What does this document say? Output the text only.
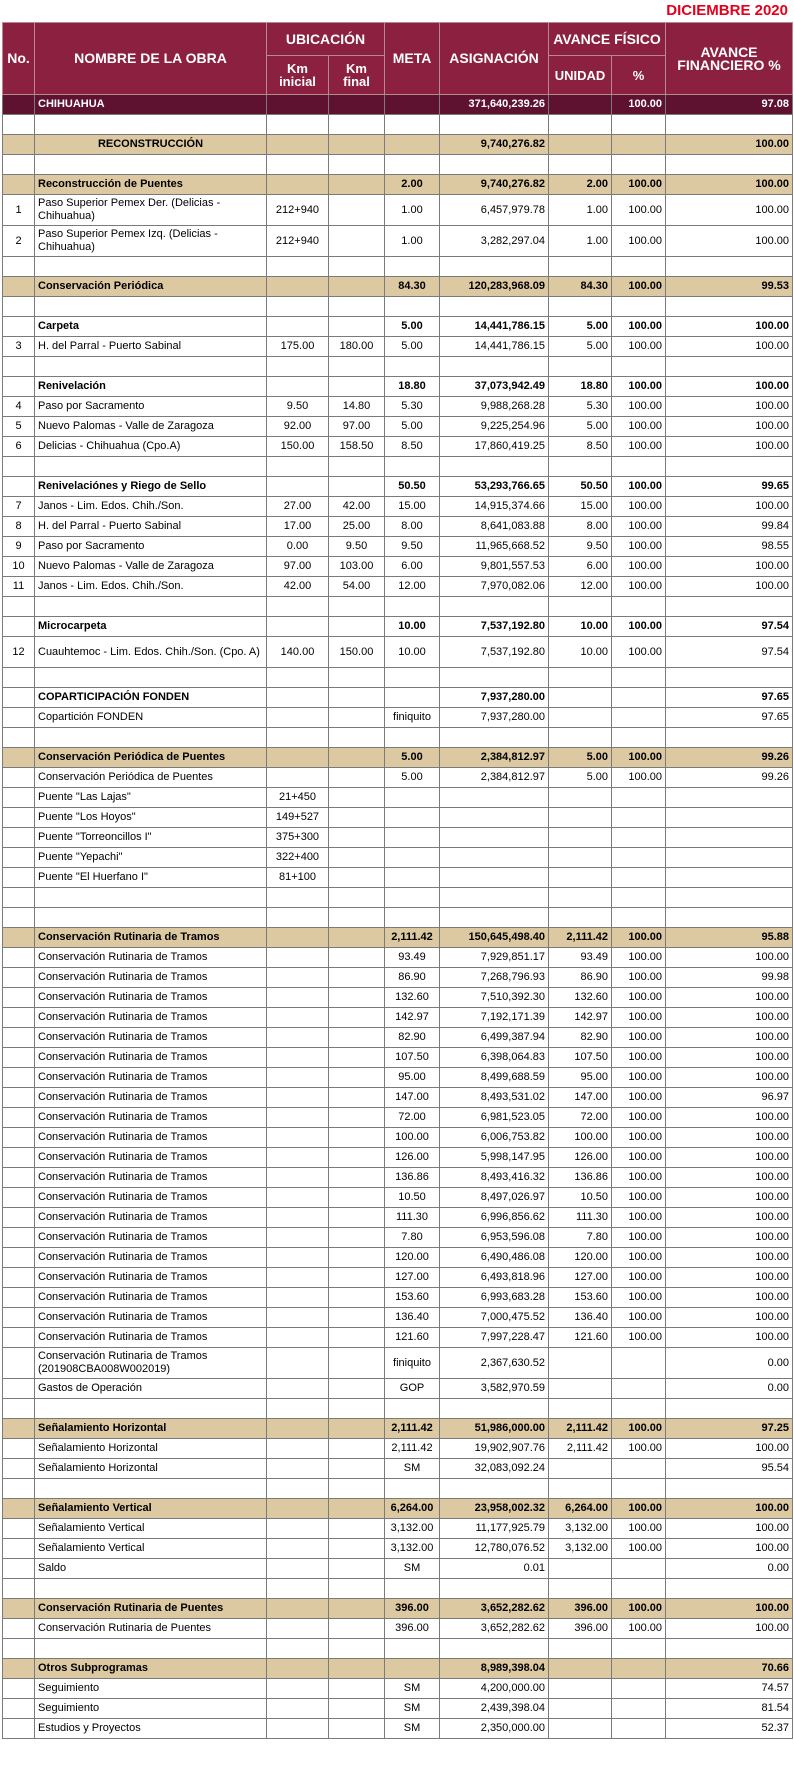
DICIEMBRE 2020
No.	NOMBRE DE LA OBRA	UBICACIÓN		META	ASIGNACIÓN	AVANCE FÍSICO		AVANCE FINANCIERO %
		Km inicial	Km final			UNIDAD	%	
	CHIHUAHUA				371,640,239.26		100.00	97.08

	RECONSTRUCCIÓN				9,740,276.82			100.00

	Reconstrucción de Puentes			2.00	9,740,276.82	2.00	100.00	100.00
1	Paso Superior Pemex Der. (Delicias - Chihuahua)	212+940		1.00	6,457,979.78	1.00	100.00	100.00
2	Paso Superior Pemex Izq. (Delicias - Chihuahua)	212+940		1.00	3,282,297.04	1.00	100.00	100.00

	Conservación Periódica			84.30	120,283,968.09	84.30	100.00	99.53

	Carpeta			5.00	14,441,786.15	5.00	100.00	100.00
3	H. del Parral - Puerto Sabinal	175.00	180.00	5.00	14,441,786.15	5.00	100.00	100.00

	Renivelación			18.80	37,073,942.49	18.80	100.00	100.00
4	Paso por Sacramento	9.50	14.80	5.30	9,988,268.28	5.30	100.00	100.00
5	Nuevo Palomas - Valle de Zaragoza	92.00	97.00	5.00	9,225,254.96	5.00	100.00	100.00
6	Delicias - Chihuahua (Cpo.A)	150.00	158.50	8.50	17,860,419.25	8.50	100.00	100.00

	Renivelaciónes y Riego de Sello			50.50	53,293,766.65	50.50	100.00	99.65
7	Janos - Lim. Edos. Chih./Son.	27.00	42.00	15.00	14,915,374.66	15.00	100.00	100.00
8	H. del Parral - Puerto Sabinal	17.00	25.00	8.00	8,641,083.88	8.00	100.00	99.84
9	Paso por Sacramento	0.00	9.50	9.50	11,965,668.52	9.50	100.00	98.55
10	Nuevo Palomas - Valle de Zaragoza	97.00	103.00	6.00	9,801,557.53	6.00	100.00	100.00
11	Janos - Lim. Edos. Chih./Son.	42.00	54.00	12.00	7,970,082.06	12.00	100.00	100.00

	Microcarpeta			10.00	7,537,192.80	10.00	100.00	97.54
12	Cuauhtemoc - Lim. Edos. Chih./Son. (Cpo. A)	140.00	150.00	10.00	7,537,192.80	10.00	100.00	97.54

	COPARTICIPACIÓN FONDEN				7,937,280.00			97.65
	Copartición FONDEN			finiquito	7,937,280.00			97.65

	Conservación Periódica de Puentes			5.00	2,384,812.97	5.00	100.00	99.26
	Conservación Periódica de Puentes			5.00	2,384,812.97	5.00	100.00	99.26
	Puente "Las Lajas"	21+450						
	Puente "Los Hoyos"	149+527						
	Puente "Torreoncillos I"	375+300						
	Puente "Yepachi"	322+400						
	Puente "El Huerfano I"	81+100						

	Conservación Rutinaria de Tramos			2,111.42	150,645,498.40	2,111.42	100.00	95.88
	Conservación Rutinaria de Tramos			93.49	7,929,851.17	93.49	100.00	100.00
	Conservación Rutinaria de Tramos			86.90	7,268,796.93	86.90	100.00	99.98
	Conservación Rutinaria de Tramos			132.60	7,510,392.30	132.60	100.00	100.00
	Conservación Rutinaria de Tramos			142.97	7,192,171.39	142.97	100.00	100.00
	Conservación Rutinaria de Tramos			82.90	6,499,387.94	82.90	100.00	100.00
	Conservación Rutinaria de Tramos			107.50	6,398,064.83	107.50	100.00	100.00
	Conservación Rutinaria de Tramos			95.00	8,499,688.59	95.00	100.00	100.00
	Conservación Rutinaria de Tramos			147.00	8,493,531.02	147.00	100.00	96.97
	Conservación Rutinaria de Tramos			72.00	6,981,523.05	72.00	100.00	100.00
	Conservación Rutinaria de Tramos			100.00	6,006,753.82	100.00	100.00	100.00
	Conservación Rutinaria de Tramos			126.00	5,998,147.95	126.00	100.00	100.00
	Conservación Rutinaria de Tramos			136.86	8,493,416.32	136.86	100.00	100.00
	Conservación Rutinaria de Tramos			10.50	8,497,026.97	10.50	100.00	100.00
	Conservación Rutinaria de Tramos			111.30	6,996,856.62	111.30	100.00	100.00
	Conservación Rutinaria de Tramos			7.80	6,953,596.08	7.80	100.00	100.00
	Conservación Rutinaria de Tramos			120.00	6,490,486.08	120.00	100.00	100.00
	Conservación Rutinaria de Tramos			127.00	6,493,818.96	127.00	100.00	100.00
	Conservación Rutinaria de Tramos			153.60	6,993,683.28	153.60	100.00	100.00
	Conservación Rutinaria de Tramos			136.40	7,000,475.52	136.40	100.00	100.00
	Conservación Rutinaria de Tramos			121.60	7,997,228.47	121.60	100.00	100.00
	Conservación Rutinaria de Tramos (201908CBA008W002019)			finiquito	2,367,630.52			0.00
	Gastos de Operación			GOP	3,582,970.59			0.00

	Señalamiento Horizontal			2,111.42	51,986,000.00	2,111.42	100.00	97.25
	Señalamiento Horizontal			2,111.42	19,902,907.76	2,111.42	100.00	100.00
	Señalamiento Horizontal			SM	32,083,092.24			95.54

	Señalamiento Vertical			6,264.00	23,958,002.32	6,264.00	100.00	100.00
	Señalamiento Vertical			3,132.00	11,177,925.79	3,132.00	100.00	100.00
	Señalamiento Vertical			3,132.00	12,780,076.52	3,132.00	100.00	100.00
	Saldo			SM	0.01			0.00

	Conservación Rutinaria de Puentes			396.00	3,652,282.62	396.00	100.00	100.00
	Conservación Rutinaria de Puentes			396.00	3,652,282.62	396.00	100.00	100.00

	Otros Subprogramas				8,989,398.04			70.66
	Seguimiento			SM	4,200,000.00			74.57
	Seguimiento			SM	2,439,398.04			81.54
	Estudios y Proyectos			SM	2,350,000.00			52.37
